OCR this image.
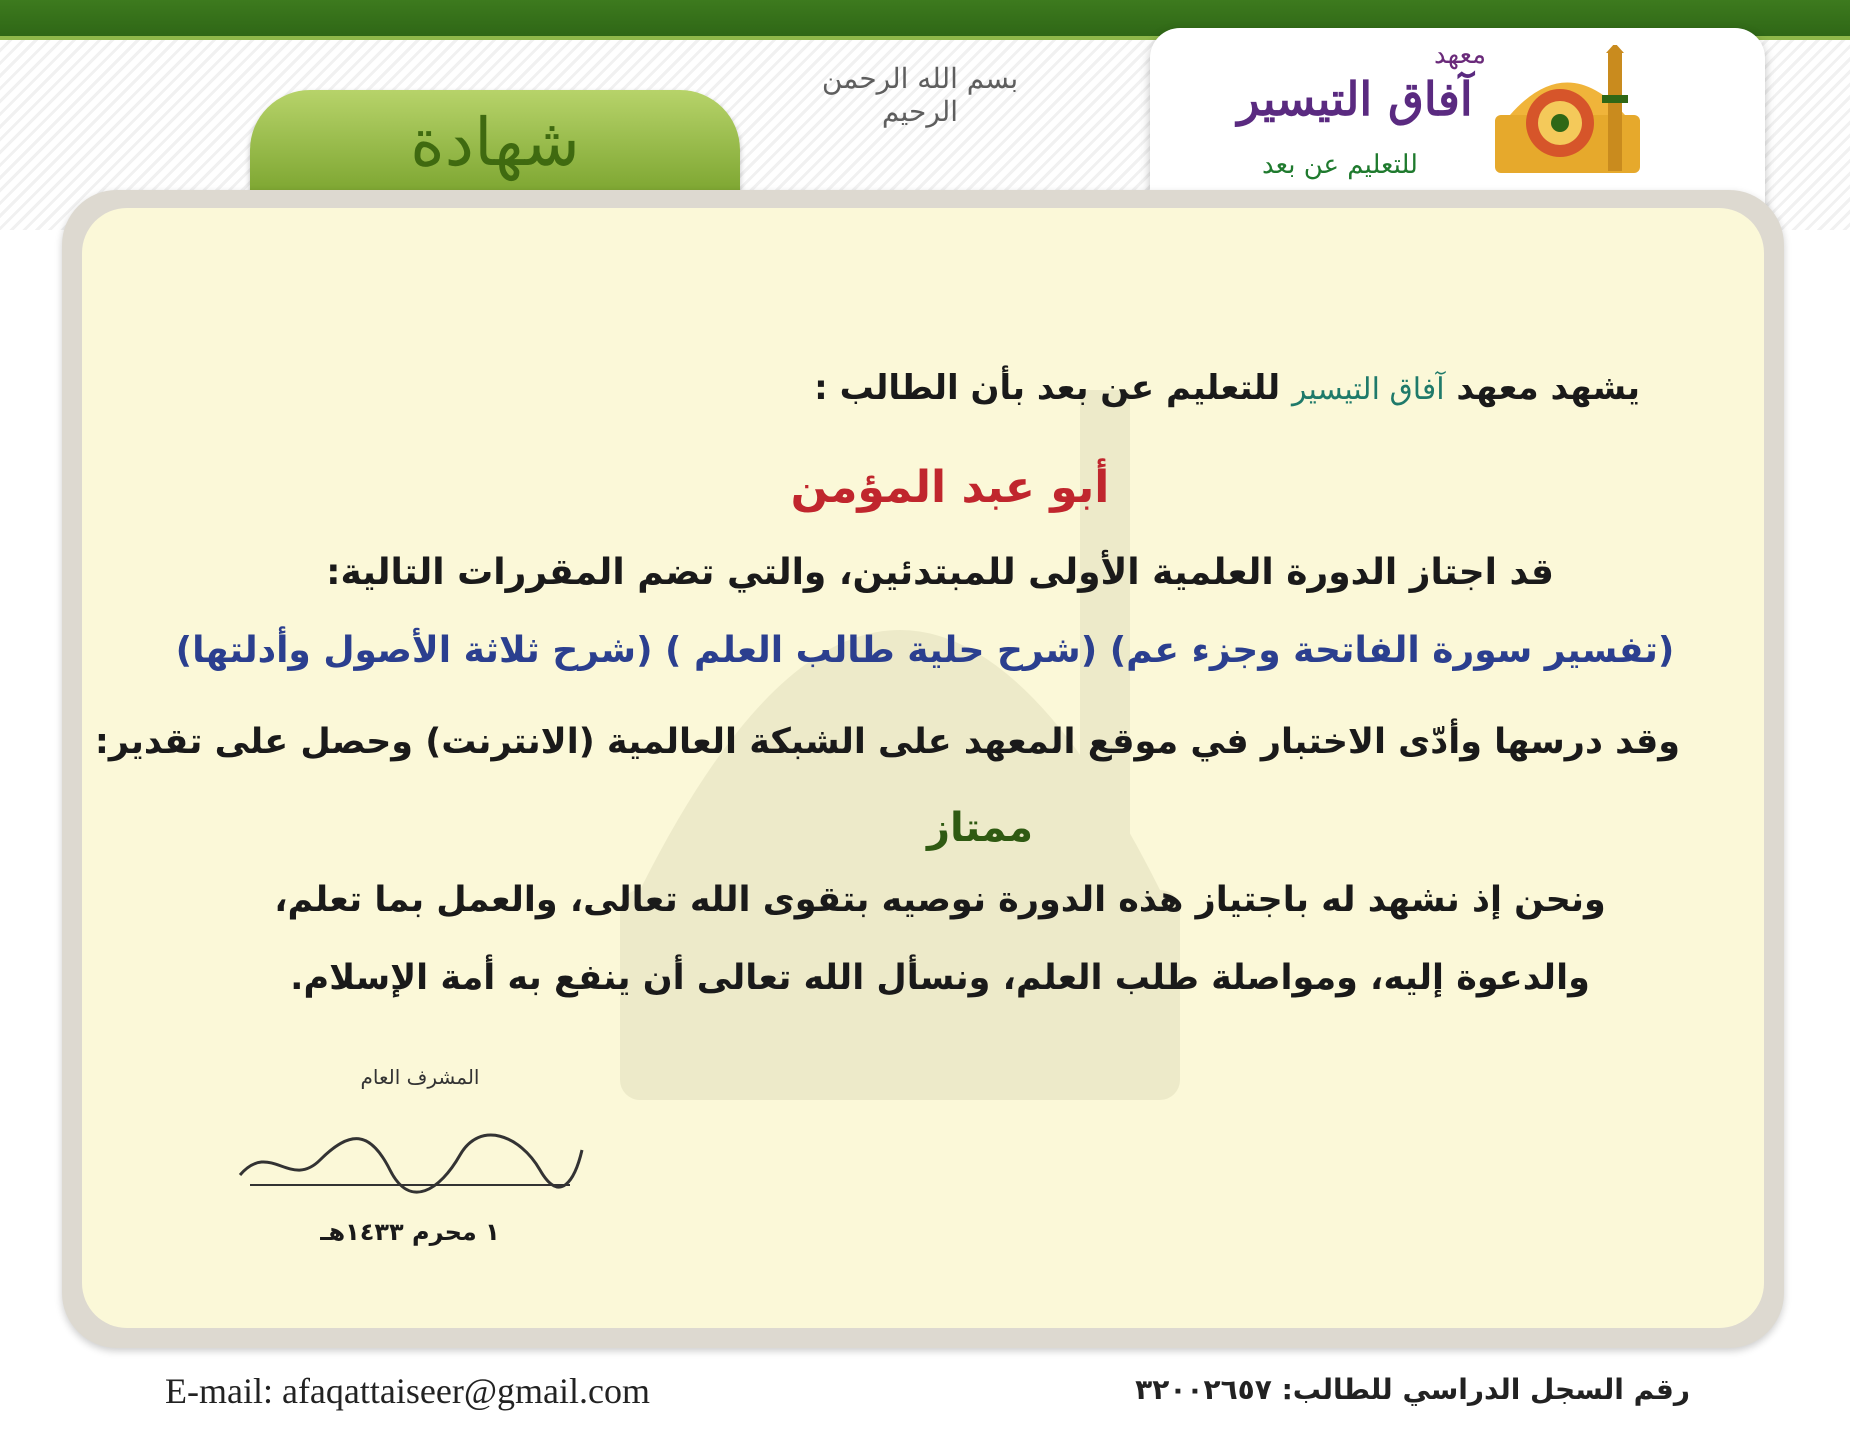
معهد
آفاق التيسير
للتعليم عن بعد
بسم الله الرحمن الرحيم
شهادة
يشهد معهد آفاق التيسير للتعليم عن بعد بأن الطالب :
أبو عبد المؤمن
قد اجتاز الدورة العلمية الأولى للمبتدئين، والتي تضم المقررات التالية:
(تفسير سورة الفاتحة وجزء عم) (شرح حلية طالب العلم ) (شرح ثلاثة الأصول وأدلتها)
وقد درسها وأدّى الاختبار في موقع المعهد على الشبكة العالمية (الانترنت) وحصل على تقدير:
ممتاز
ونحن إذ نشهد له باجتياز هذه الدورة نوصيه بتقوى الله تعالى، والعمل بما تعلم،
والدعوة إليه، ومواصلة طلب العلم، ونسأل الله تعالى أن ينفع به أمة الإسلام.
المشرف العام
١ محرم ١٤٣٣هـ
E-mail: afaqattaiseer@gmail.com	رقم السجل الدراسي للطالب: ٣٢٠٠٢٦٥٧
